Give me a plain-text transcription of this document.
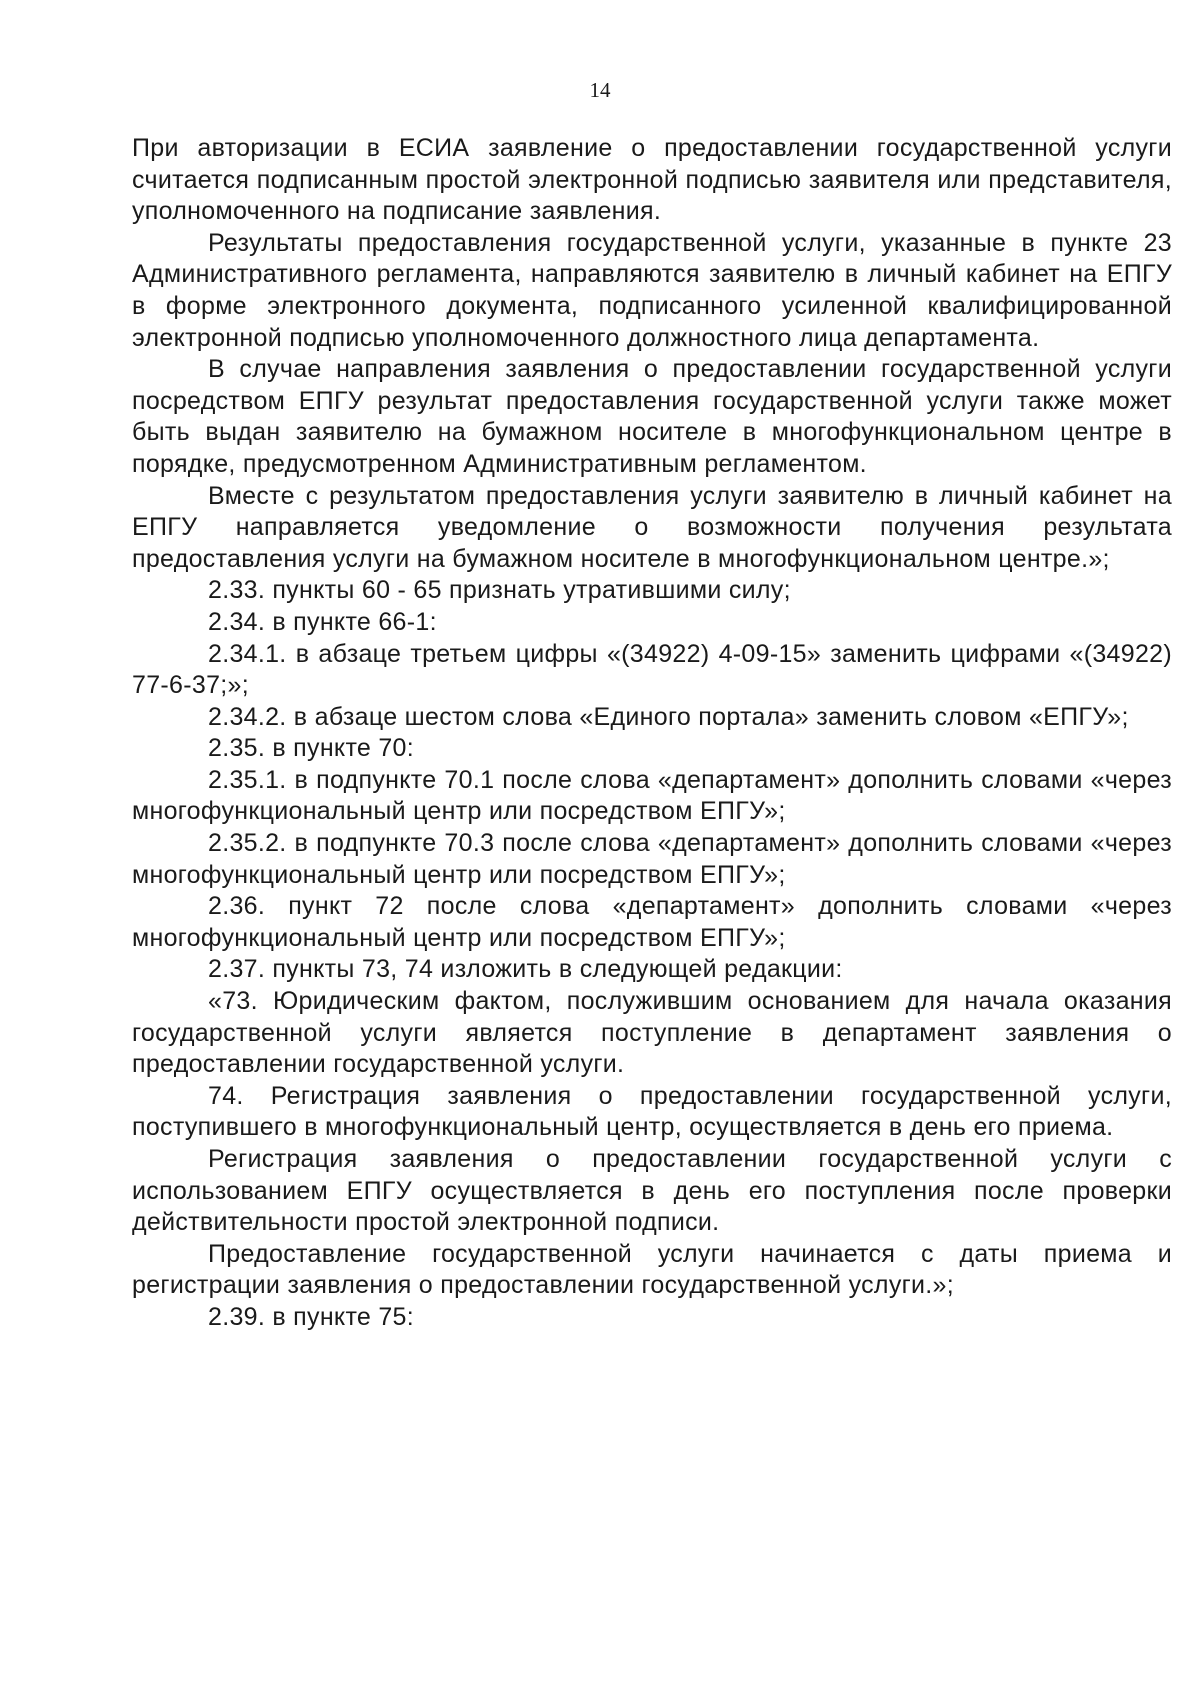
14

При авторизации в ЕСИА заявление о предоставлении государственной услуги считается подписанным простой электронной подписью заявителя или представителя, уполномоченного на подписание заявления.

Результаты предоставления государственной услуги, указанные в пункте 23 Административного регламента, направляются заявителю в личный кабинет на ЕПГУ в форме электронного документа, подписанного усиленной квалифицированной электронной подписью уполномоченного должностного лица департамента.

В случае направления заявления о предоставлении государственной услуги посредством ЕПГУ результат предоставления государственной услуги также может быть выдан заявителю на бумажном носителе в многофункциональном центре в порядке, предусмотренном Административным регламентом.

Вместе с результатом предоставления услуги заявителю в личный кабинет на ЕПГУ направляется уведомление о возможности получения результата предоставления услуги на бумажном носителе в многофункциональном центре.»;

2.33. пункты 60 - 65 признать утратившими силу;

2.34. в пункте 66-1:

2.34.1. в абзаце третьем цифры «(34922) 4-09-15» заменить цифрами «(34922) 77-6-37;»;

2.34.2. в абзаце шестом слова «Единого портала» заменить словом «ЕПГУ»;

2.35. в пункте 70:

2.35.1. в подпункте 70.1 после слова «департамент» дополнить словами «через многофункциональный центр или посредством ЕПГУ»;

2.35.2. в подпункте 70.3 после слова «департамент» дополнить словами «через многофункциональный центр или посредством ЕПГУ»;

2.36. пункт 72 после слова «департамент» дополнить словами «через многофункциональный центр или посредством ЕПГУ»;

2.37. пункты 73, 74 изложить в следующей редакции:

«73. Юридическим фактом, послужившим основанием для начала оказания государственной услуги является поступление в департамент заявления о предоставлении государственной услуги.

74. Регистрация заявления о предоставлении государственной услуги, поступившего в многофункциональный центр, осуществляется в день его приема.

Регистрация заявления о предоставлении государственной услуги с использованием ЕПГУ осуществляется в день его поступления после проверки действительности простой электронной подписи.

Предоставление государственной услуги начинается с даты приема и регистрации заявления о предоставлении государственной услуги.»;

2.39. в пункте 75:
